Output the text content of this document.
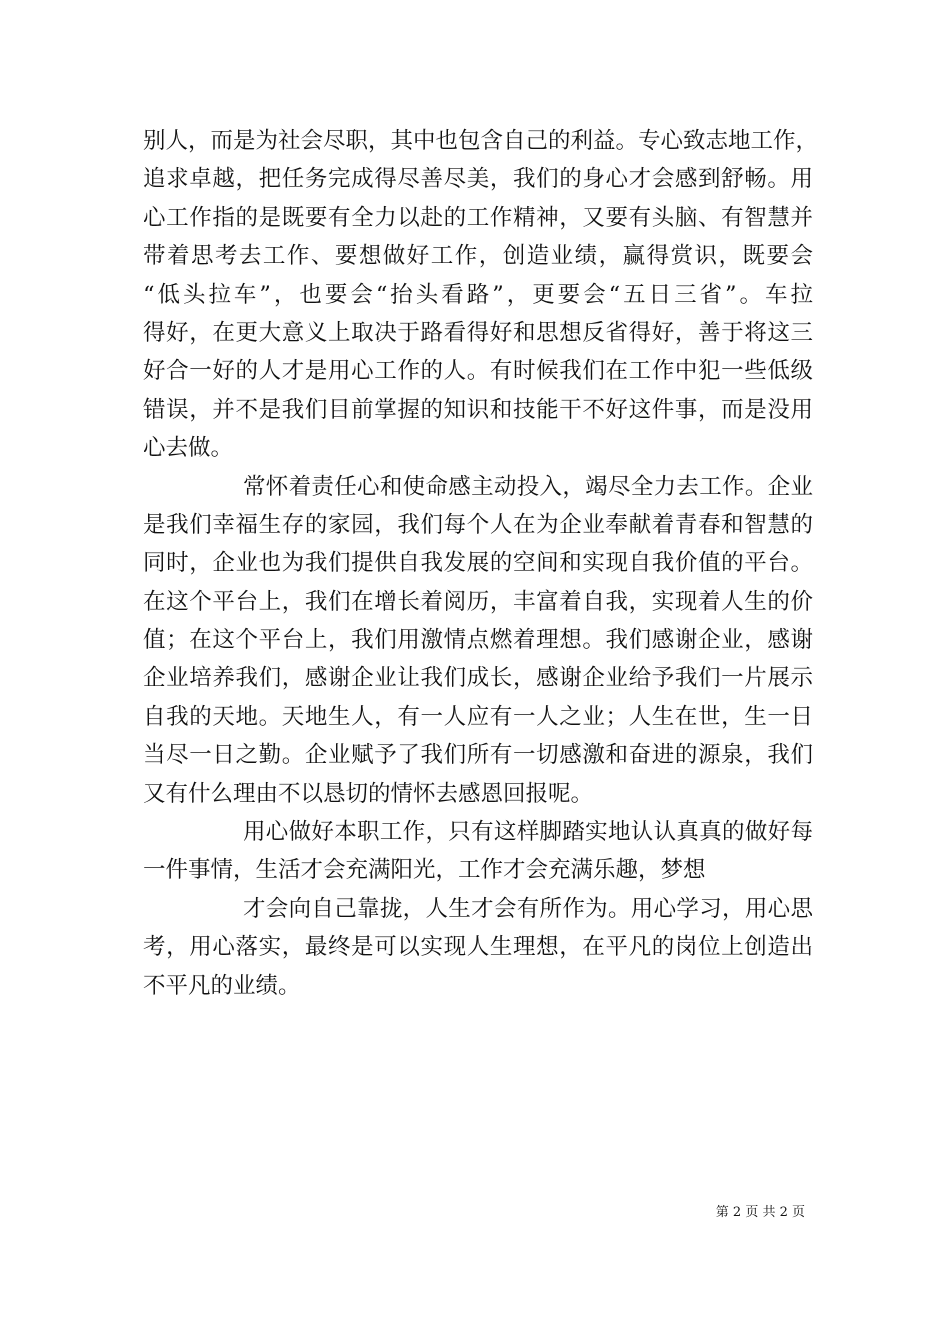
别人，而是为社会尽职，其中也包含自己的利益。专心致志地工作，
追求卓越，把任务完成得尽善尽美，我们的身心才会感到舒畅。用
心工作指的是既要有全力以赴的工作精神，又要有头脑、有智慧并
带着思考去工作、要想做好工作，创造业绩，赢得赏识，既要会
“低头拉车”，也要会“抬头看路”，更要会“五日三省”。车拉
得好，在更大意义上取决于路看得好和思想反省得好，善于将这三
好合一好的人才是用心工作的人。有时候我们在工作中犯一些低级
错误，并不是我们目前掌握的知识和技能干不好这件事，而是没用
心去做。
常怀着责任心和使命感主动投入，竭尽全力去工作。企业
是我们幸福生存的家园，我们每个人在为企业奉献着青春和智慧的
同时，企业也为我们提供自我发展的空间和实现自我价值的平台。
在这个平台上，我们在增长着阅历，丰富着自我，实现着人生的价
值；在这个平台上，我们用激情点燃着理想。我们感谢企业，感谢
企业培养我们，感谢企业让我们成长，感谢企业给予我们一片展示
自我的天地。天地生人，有一人应有一人之业；人生在世，生一日
当尽一日之勤。企业赋予了我们所有一切感激和奋进的源泉，我们
又有什么理由不以恳切的情怀去感恩回报呢。
用心做好本职工作，只有这样脚踏实地认认真真的做好每
一件事情，生活才会充满阳光，工作才会充满乐趣，梦想
才会向自己靠拢，人生才会有所作为。用心学习，用心思
考，用心落实，最终是可以实现人生理想，在平凡的岗位上创造出
不平凡的业绩。
第 2 页 共 2 页
